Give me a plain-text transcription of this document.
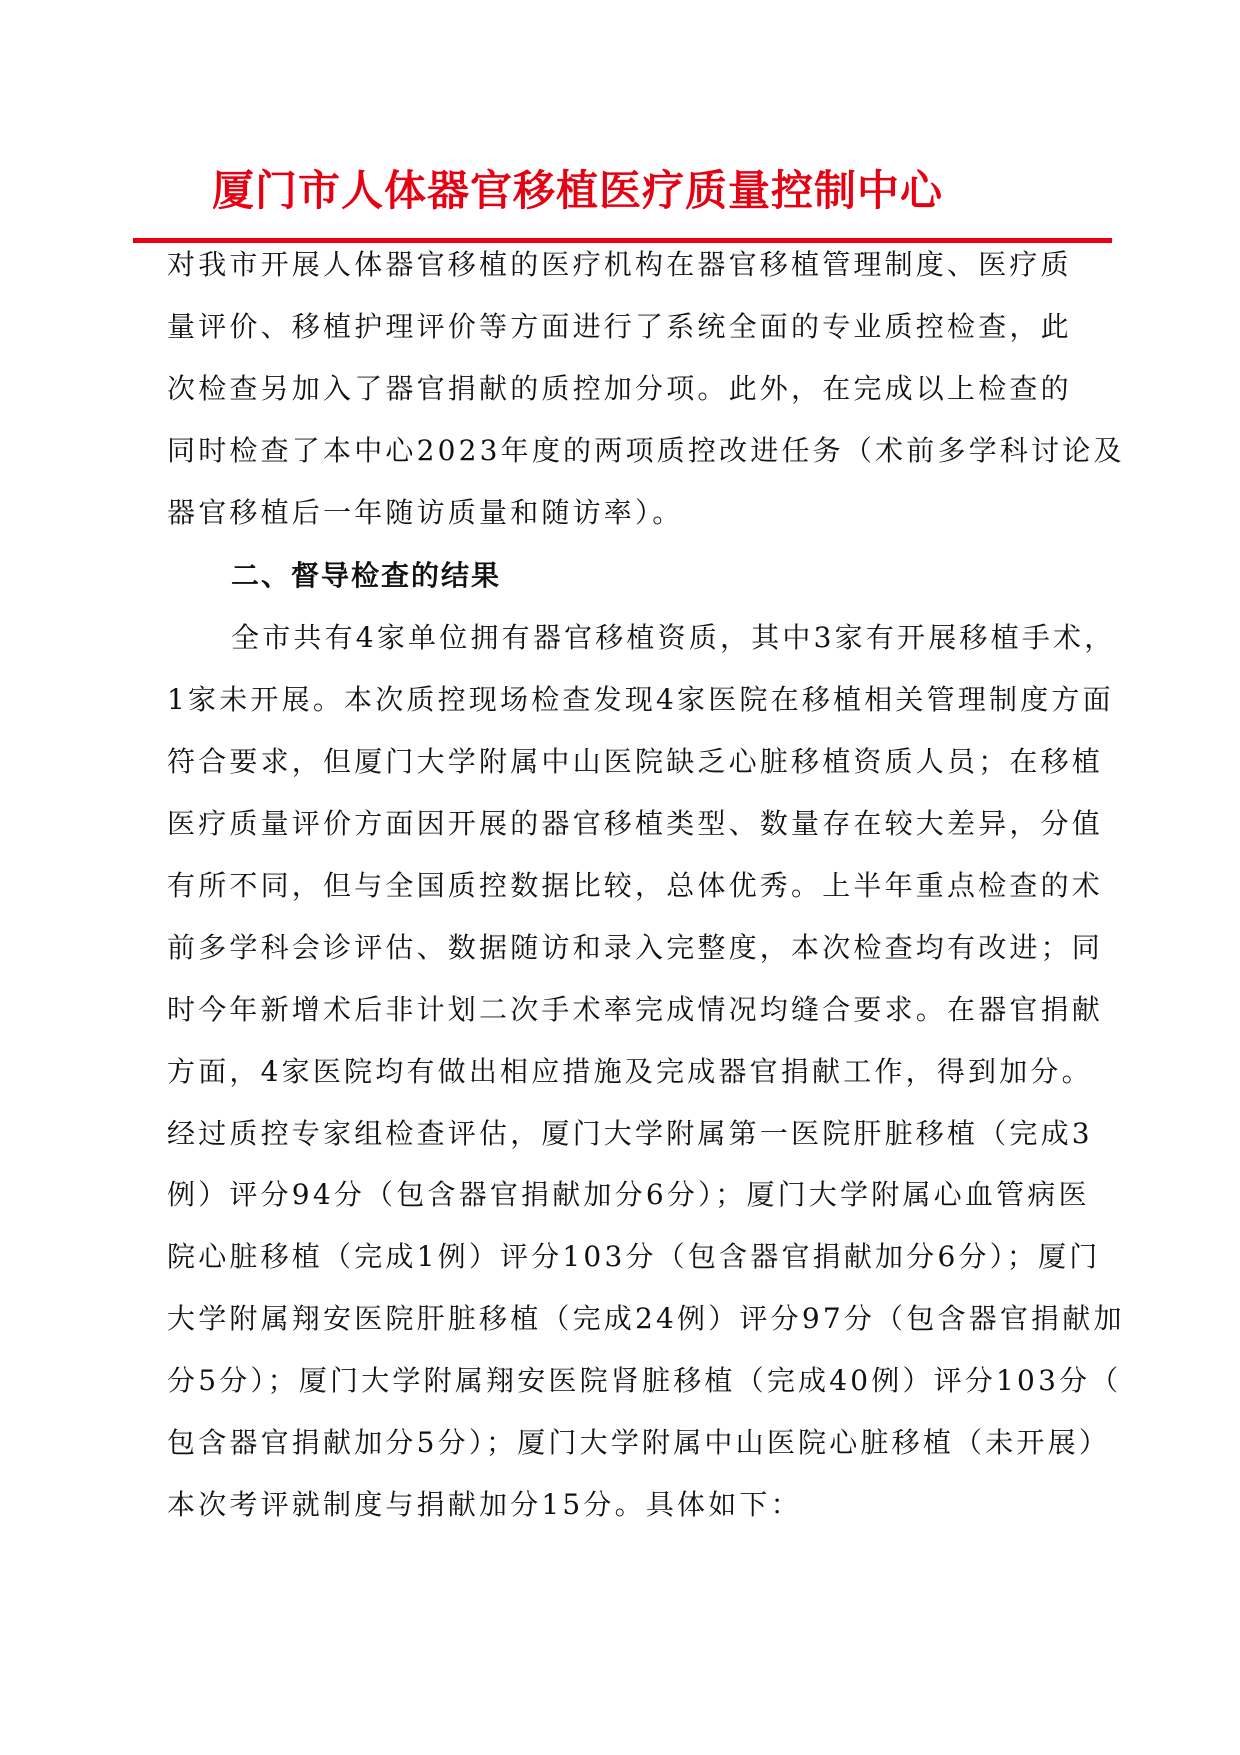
厦门市人体器官移植医疗质量控制中心
对我市开展人体器官移植的医疗机构在器官移植管理制度、医疗质
量评价、移植护理评价等方面进行了系统全面的专业质控检查，此
次检查另加入了器官捐献的质控加分项。此外，在完成以上检查的
同时检查了本中心2023年度的两项质控改进任务（术前多学科讨论及
器官移植后一年随访质量和随访率）。
二、督导检查的结果
全市共有4家单位拥有器官移植资质，其中3家有开展移植手术，
1家未开展。本次质控现场检查发现4家医院在移植相关管理制度方面
符合要求，但厦门大学附属中山医院缺乏心脏移植资质人员；在移植
医疗质量评价方面因开展的器官移植类型、数量存在较大差异，分值
有所不同，但与全国质控数据比较，总体优秀。上半年重点检查的术
前多学科会诊评估、数据随访和录入完整度，本次检查均有改进；同
时今年新增术后非计划二次手术率完成情况均缝合要求。在器官捐献
方面，4家医院均有做出相应措施及完成器官捐献工作，得到加分。
经过质控专家组检查评估，厦门大学附属第一医院肝脏移植（完成3
例）评分94分（包含器官捐献加分6分）；厦门大学附属心血管病医
院心脏移植（完成1例）评分103分（包含器官捐献加分6分）；厦门
大学附属翔安医院肝脏移植（完成24例）评分97分（包含器官捐献加
分5分）；厦门大学附属翔安医院肾脏移植（完成40例）评分103分（
包含器官捐献加分5分）；厦门大学附属中山医院心脏移植（未开展）
本次考评就制度与捐献加分15分。具体如下：
